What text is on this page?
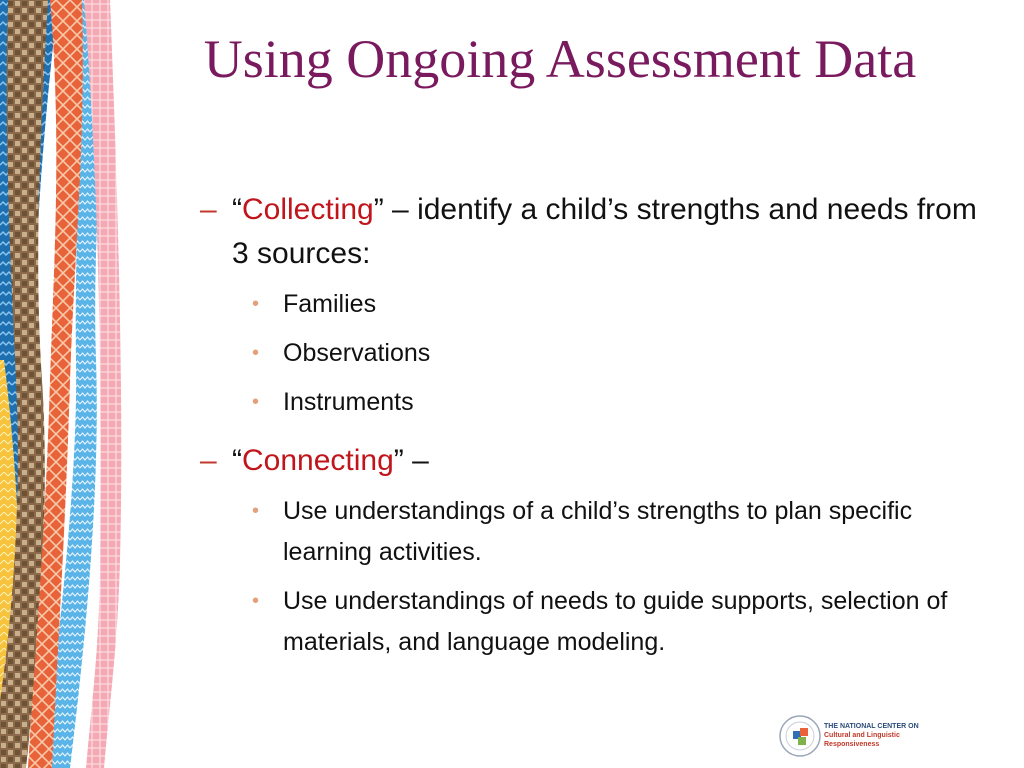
Using Ongoing Assessment Data

– “Collecting” – identify a child’s strengths and needs from 3 sources:

• Families

• Observations

• Instruments

– “Connecting” –

• Use understandings of a child’s strengths to plan specific learning activities.

• Use understandings of needs to guide supports, selection of materials, and language modeling.

THE NATIONAL CENTER ON
Cultural and Linguistic
Responsiveness
